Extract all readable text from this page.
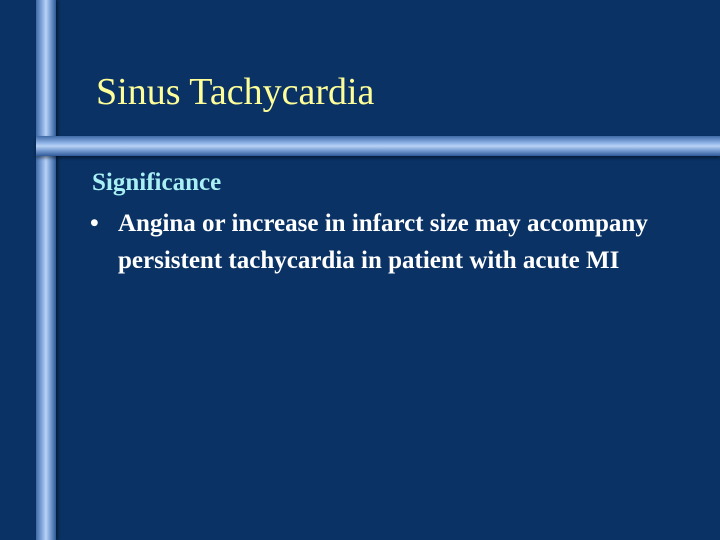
Sinus Tachycardia
Significance
• Angina or increase in infarct size may accompany persistent tachycardia in patient with acute MI
